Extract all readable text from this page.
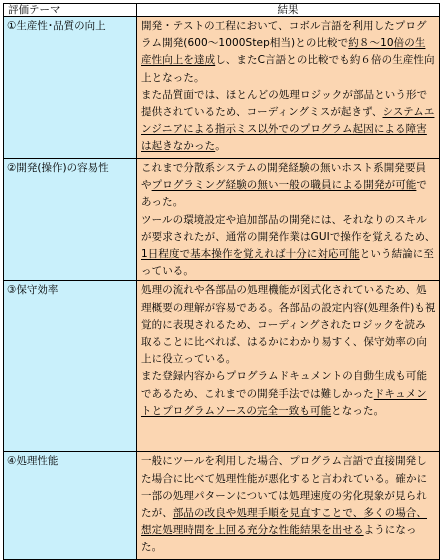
評価テーマ	結果
①生産性･品質の向上	開発・テストの工程において、コボル言語を利用したプログラム開発(600～1000Step相当)との比較で約８～10倍の生産性向上を達成し、またC言語との比較でも約６倍の生産性向上となった。

また品質面では、ほとんどの処理ロジックが部品という形で提供されているため、コーディングミスが起きず、システムエンジニアによる指示ミス以外でのプログラム起因による障害は起きなかった。

②開発(操作)の容易性	これまで分散系システムの開発経験の無いホスト系開発要員やプログラミング経験の無い一般の職員による開発が可能であった。

ツールの環境設定や追加部品の開発には、それなりのスキルが要求されたが、通常の開発作業はGUIで操作を覚えるため、1日程度で基本操作を覚えれば十分に対応可能という結論に至っている。

③保守効率	処理の流れや各部品の処理機能が図式化されているため、処理概要の理解が容易である。各部品の設定内容(処理条件)も視覚的に表現されるため、コーディングされたロジックを読み取ることに比べれば、はるかにわかり易すく、保守効率の向上に役立っている。

また登録内容からプログラムドキュメントの自動生成も可能であるため、これまでの開発手法では難しかったドキュメントとプログラムソースの完全一致も可能となった。

④処理性能	一般にツールを利用した場合、プログラム言語で直接開発した場合に比べて処理性能が悪化すると言われている。確かに一部の処理パターンについては処理速度の劣化現象が見られたが、部品の改良や処理手順を見直すことで、多くの場合、想定処理時間を上回る充分な性能結果を出せるようになった。
